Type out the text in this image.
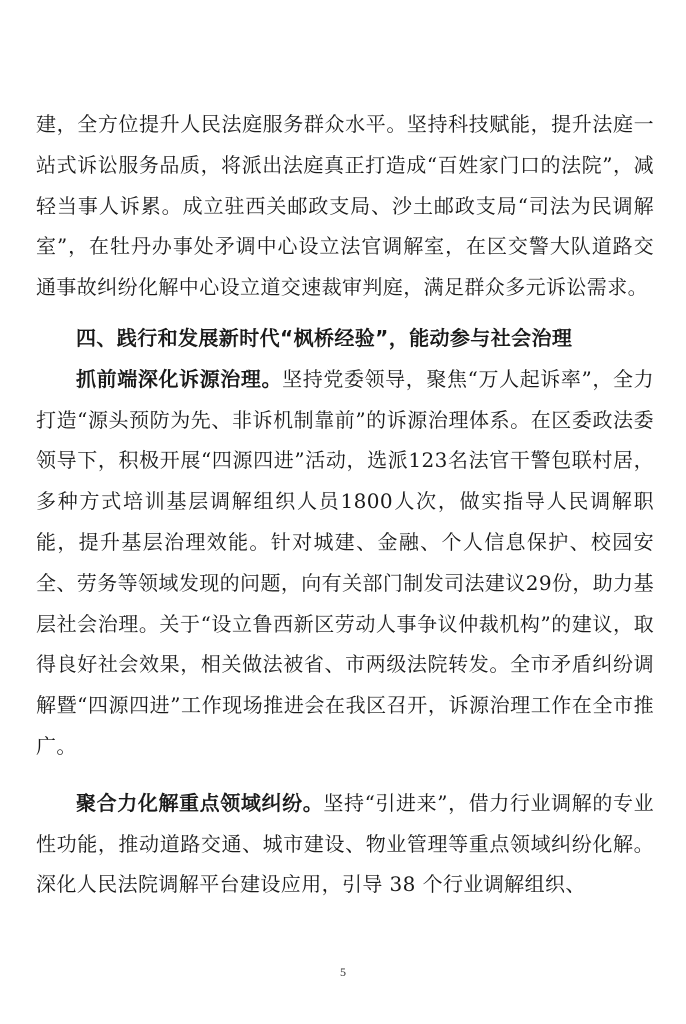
建，全方位提升人民法庭服务群众水平。坚持科技赋能，提升法庭一站式诉讼服务品质，将派出法庭真正打造成“百姓家门口的法院”，减轻当事人诉累。成立驻西关邮政支局、沙土邮政支局“司法为民调解室”，在牡丹办事处矛调中心设立法官调解室，在区交警大队道路交通事故纠纷化解中心设立道交速裁审判庭，满足群众多元诉讼需求。

四、践行和发展新时代“枫桥经验”，能动参与社会治理

抓前端深化诉源治理。坚持党委领导，聚焦“万人起诉率”，全力打造“源头预防为先、非诉机制靠前”的诉源治理体系。在区委政法委领导下，积极开展“四源四进”活动，选派123名法官干警包联村居，多种方式培训基层调解组织人员1800人次，做实指导人民调解职能，提升基层治理效能。针对城建、金融、个人信息保护、校园安全、劳务等领域发现的问题，向有关部门制发司法建议29份，助力基层社会治理。关于“设立鲁西新区劳动人事争议仲裁机构”的建议，取得良好社会效果，相关做法被省、市两级法院转发。全市矛盾纠纷调解暨“四源四进”工作现场推进会在我区召开，诉源治理工作在全市推广。

聚合力化解重点领域纠纷。坚持“引进来”，借力行业调解的专业性功能，推动道路交通、城市建设、物业管理等重点领域纠纷化解。深化人民法院调解平台建设应用，引导 38 个行业调解组织、

5
